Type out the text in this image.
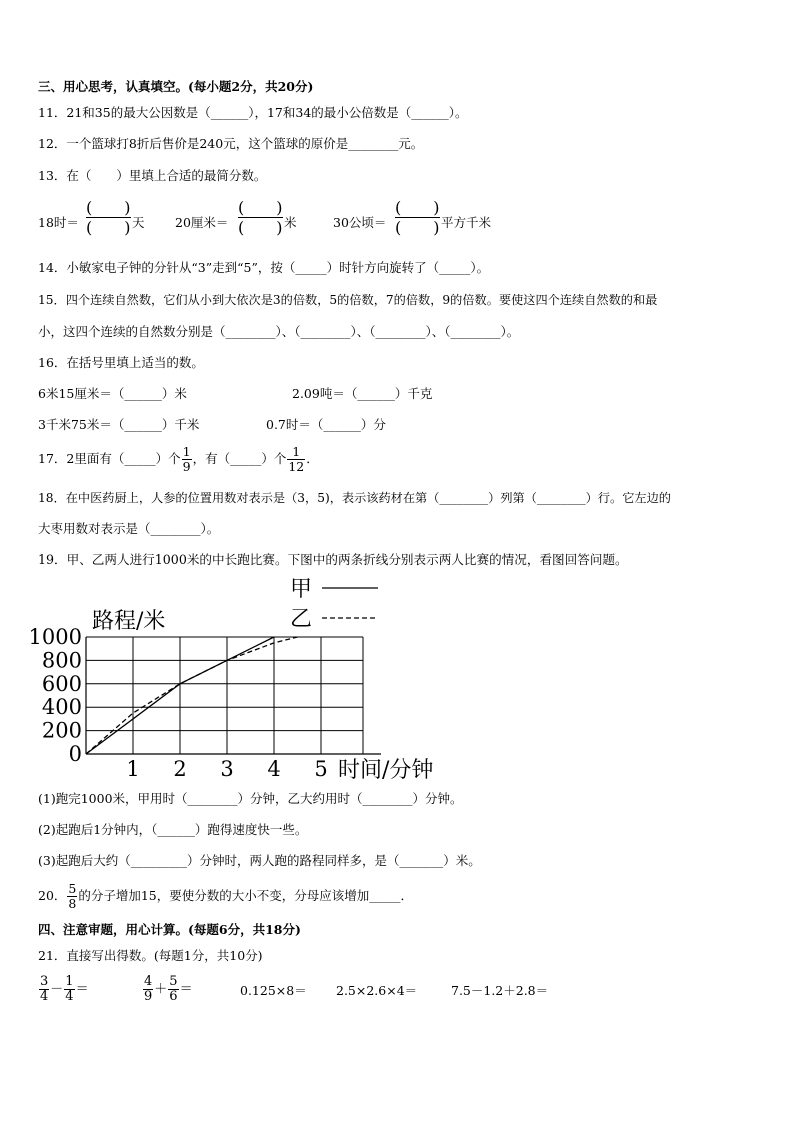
三、用心思考，认真填空。(每小题2分，共20分)
11．21和35的最大公因数是（______），17和34的最小公倍数是（______）。
12．一个篮球打8折后售价是240元，这个篮球的原价是________元。
13．在（　　）里填上合适的最简分数。
18时＝
(　　)
(　　) 天 20厘米＝
(　　)
(　　) 米	30公顷＝
(　　)
(　　) 平方千米
14．小敏家电子钟的分针从“3”走到“5”，按（_____）时针方向旋转了（_____）。
15．四个连续自然数，它们从小到大依次是3的倍数，5的倍数，7的倍数，9的倍数。要使这四个连续自然数的和最
小，这四个连续的自然数分别是（________）、（________）、（________）、（________）。
16．在括号里填上适当的数。
6米15厘米＝（______）米	2.09吨＝（______）千克
3千米75米＝（______）千米	0.7时＝（______）分
17．2里面有（_____）个 $\frac{1}{9}$ ，有（_____）个 $\frac{1}{12}$ ．
18．在中医药厨上，人参的位置用数对表示是（3，5)，表示该药材在第（________）列第（________）行。它左边的
大枣用数对表示是（________）。
19．甲、乙两人进行1000米的中长跑比赛。下图中的两条折线分别表示两人比赛的情况，看图回答问题。
0
200
400
600
800
1000
1 2 3 4 5
路程/米
时间/分钟
甲
乙
(1)跑完1000米，甲用时（________）分钟，乙大约用时（________）分钟。
(2)起跑后1分钟内，（______）跑得速度快一些。
(3)起跑后大约（_________）分钟时，两人跑的路程同样多，是（_______）米。
20． $\frac{5}{8}$ 的分子增加15，要使分数的大小不变，分母应该增加_____．
四、注意审题，用心计算。(每题6分，共18分)
21．直接写出得数。(每题1分，共10分)
$\frac{3}{4} - \frac{1}{4}$ ＝	$\frac{4}{9} + \frac{5}{6}$ ＝	0.125×8＝ 2.5×2.6×4＝	7.5－1.2＋2.8＝
